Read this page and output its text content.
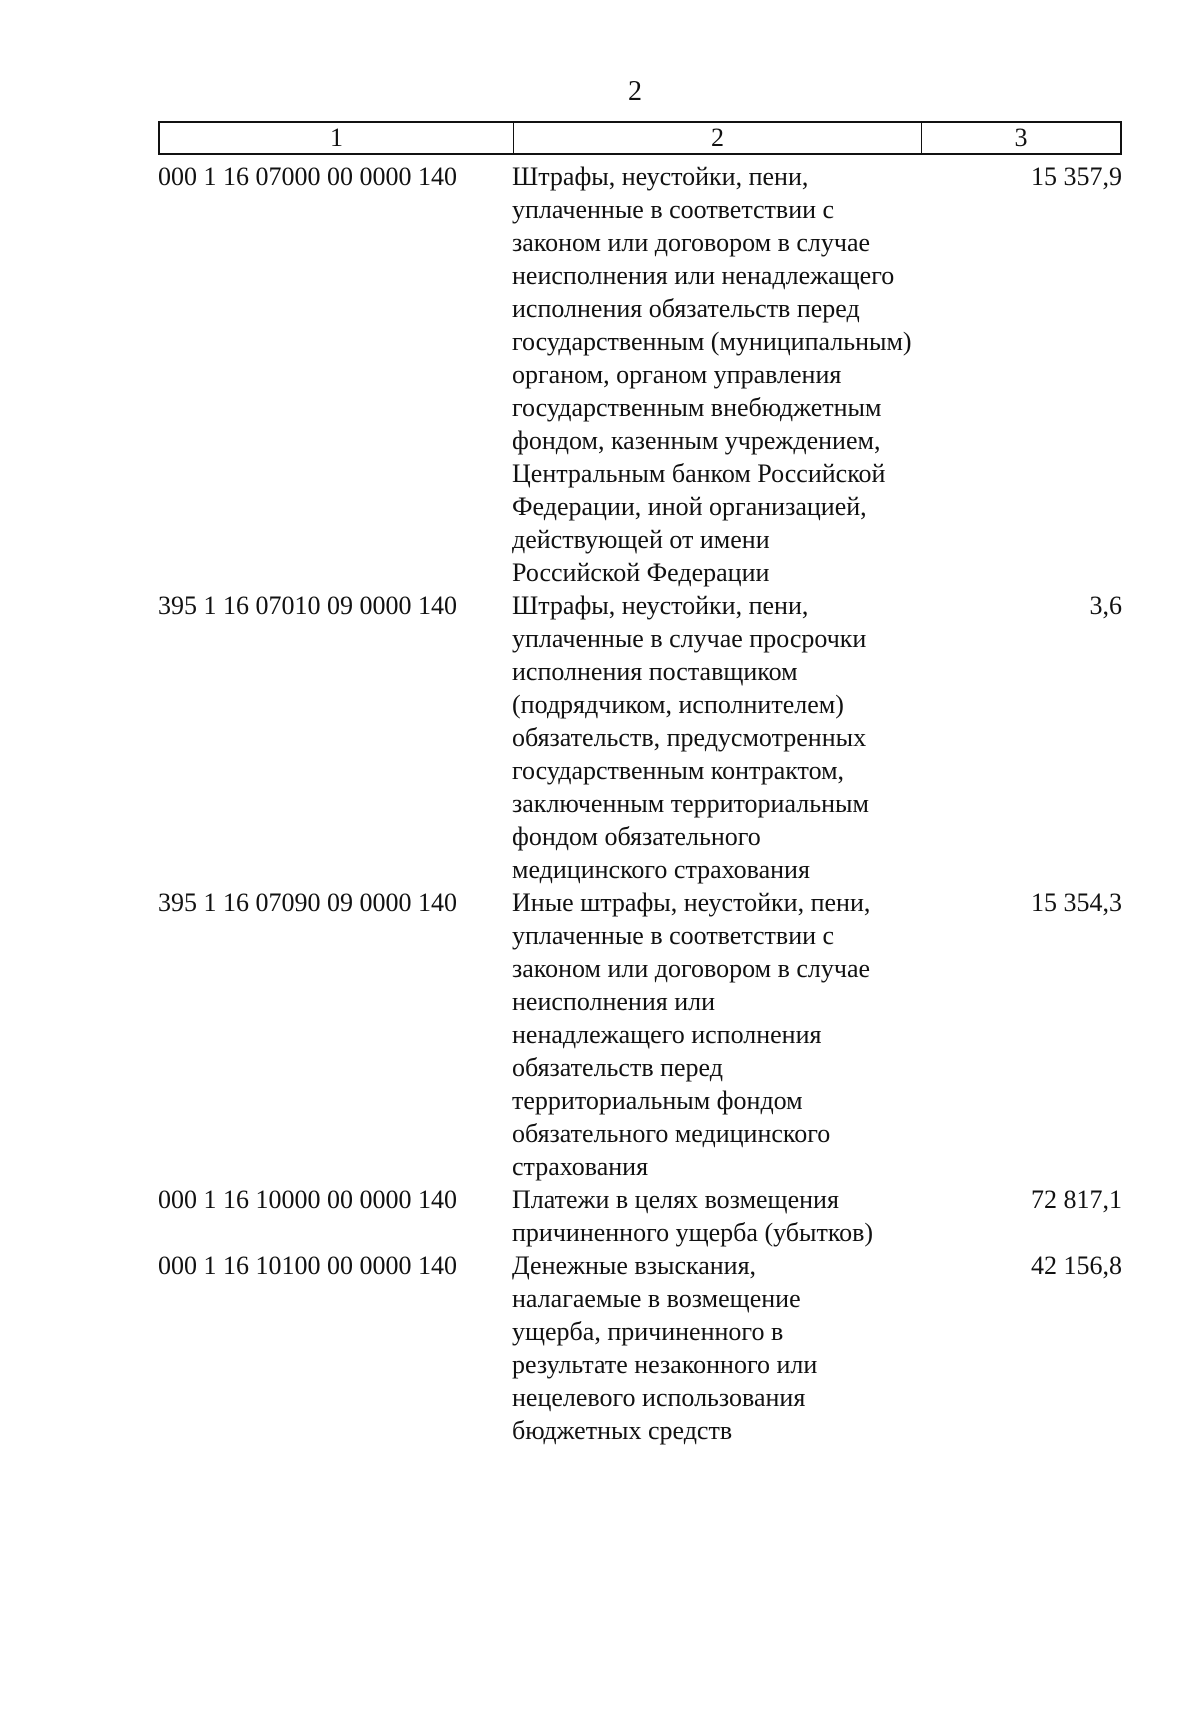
2
1	2	3
000 1 16 07000 00 0000 140 Штрафы, неустойки, пени,
уплаченные в соответствии с
законом или договором в случае
неисполнения или ненадлежащего
исполнения обязательств перед
государственным (муниципальным)
органом, органом управления
государственным внебюджетным
фондом, казенным учреждением,
Центральным банком Российской
Федерации, иной организацией,
действующей от имени
Российской Федерации
15 357,9
395 1 16 07010 09 0000 140 Штрафы, неустойки, пени,
уплаченные в случае просрочки
исполнения поставщиком
(подрядчиком, исполнителем)
обязательств, предусмотренных
государственным контрактом,
заключенным территориальным
фондом обязательного
медицинского страхования
3,6
395 1 16 07090 09 0000 140 Иные штрафы, неустойки, пени,
уплаченные в соответствии с
законом или договором в случае
неисполнения или
ненадлежащего исполнения
обязательств перед
территориальным фондом
обязательного медицинского
страхования
15 354,3
000 1 16 10000 00 0000 140 Платежи в целях возмещения
причиненного ущерба (убытков)
72 817,1
000 1 16 10100 00 0000 140 Денежные взыскания,
налагаемые в возмещение
ущерба, причиненного в
результате незаконного или
нецелевого использования
бюджетных средств
42 156,8
